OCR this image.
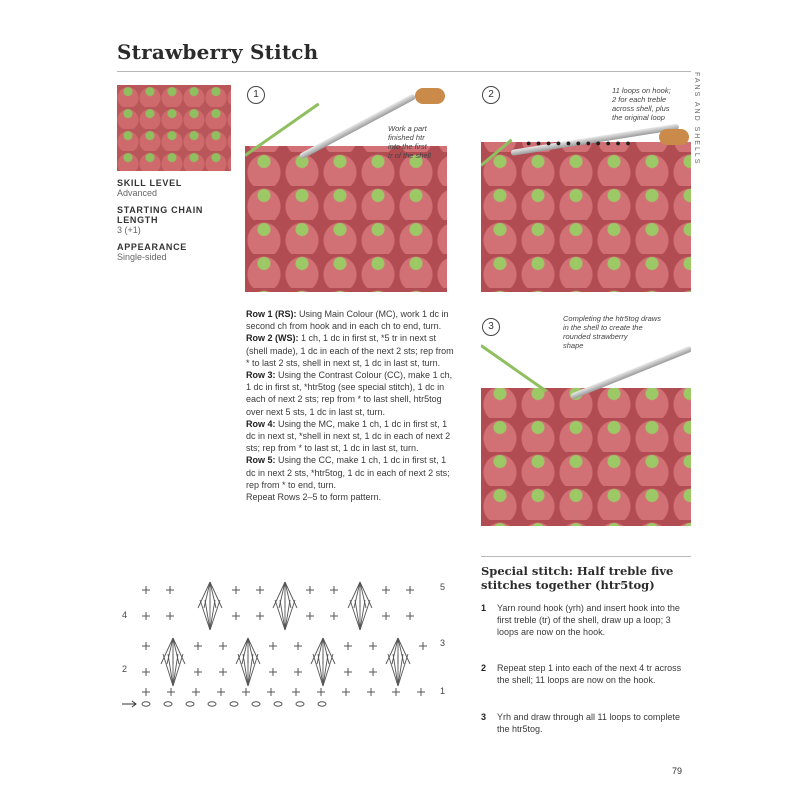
Strawberry Stitch
SKILL LEVEL
Advanced
STARTING CHAIN
LENGTH
3 (+1)
APPEARANCE
Single-sided
1
Work a part
finished htr
into the first
tr of the shell
● ● ● ● ● ● ● ● ● ● ●
2	11 loops on hook;
2 for each treble
across shell, plus
the original loop
3
Completing the htr5tog draws
in the shell to create the
rounded strawberry
shape

Row 1 (RS): Using Main Colour (MC), work 1 dc in second ch from hook and in each ch to end, turn.

Row 2 (WS): 1 ch, 1 dc in first st, *5 tr in next st (shell made), 1 dc in each of the next 2 sts; rep from * to last 2 sts, shell in next st, 1 dc in last st, turn.

Row 3: Using the Contrast Colour (CC), make 1 ch, 1 dc in first st, *htr5tog (see special stitch), 1 dc in each of next 2 sts; rep from * to last shell, htr5tog over next 5 sts, 1 dc in last st, turn.

Row 4: Using the MC, make 1 ch, 1 dc in first st, 1 dc in next st, *shell in next st, 1 dc in each of next 2 sts; rep from * to last st, 1 dc in last st, turn.

Row 5: Using the CC, make 1 ch, 1 dc in first st, 1 dc in next 2 sts, *htr5tog, 1 dc in each of next 2 sts; rep from * to end, turn.

Repeat Rows 2–5 to form pattern.

5
4
3
2
1
FANS AND SHELLS
Special stitch: Half treble five stitches together (htr5tog)
1 Yarn round hook (yrh) and insert hook into the first treble (tr) of the shell, draw up a loop; 3 loops are now on the hook.
2 Repeat step 1 into each of the next 4 tr across the shell; 11 loops are now on the hook.
3 Yrh and draw through all 11 loops to complete the htr5tog.
79
